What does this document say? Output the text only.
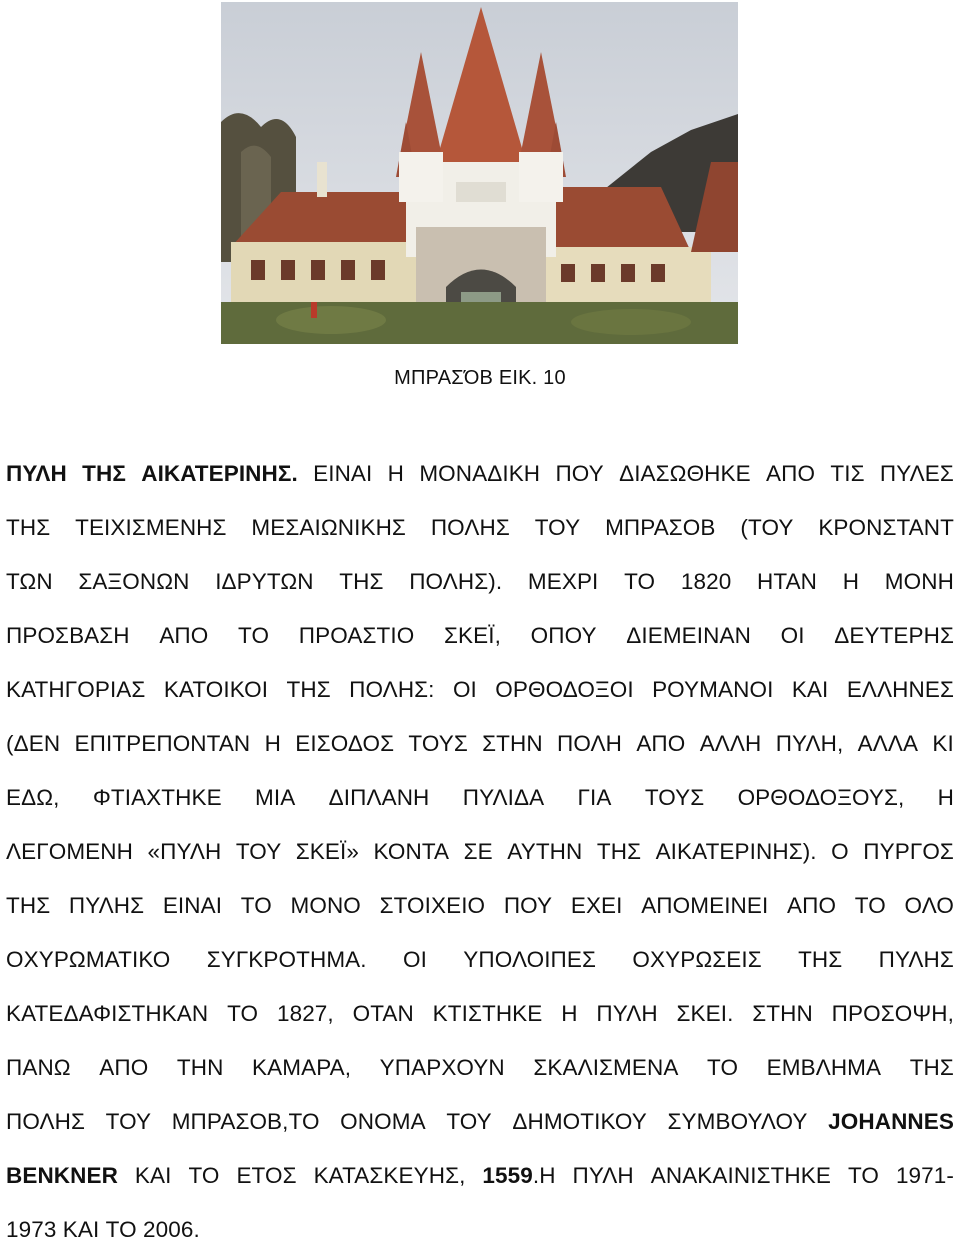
ΜΠΡΑΣΌΒ ΕΙΚ. 10
ΠΥΛΗ ΤΗΣ ΑΙΚΑΤΕΡΙΝΗΣ. ΕΙΝΑΙ Η ΜΟΝΑΔΙΚΗ ΠΟΥ ΔΙΑΣΩΘΗΚΕ ΑΠΟ ΤΙΣ ΠΥΛΕΣ
ΤΗΣ ΤΕΙΧΙΣΜΕΝΗΣ ΜΕΣΑΙΩΝΙΚΗΣ ΠΟΛΗΣ ΤΟΥ ΜΠΡΑΣΟΒ (ΤΟΥ ΚΡΟΝΣΤΑΝΤ
ΤΩΝ ΣΑΞΟΝΩΝ ΙΔΡΥΤΩΝ ΤΗΣ ΠΟΛΗΣ). ΜΕΧΡΙ ΤΟ 1820 ΗΤΑΝ Η ΜΟΝΗ
ΠΡΟΣΒΑΣΗ ΑΠΟ ΤΟ ΠΡΟΑΣΤΙΟ ΣΚΕΪ, ΟΠΟΥ ΔΙΕΜΕΙΝΑΝ ΟΙ ΔΕΥΤΕΡΗΣ
ΚΑΤΗΓΟΡΙΑΣ ΚΑΤΟΙΚΟΙ ΤΗΣ ΠΟΛΗΣ: ΟΙ ΟΡΘΟΔΟΞΟΙ ΡΟΥΜΑΝΟΙ ΚΑΙ ΕΛΛΗΝΕΣ
(ΔΕΝ ΕΠΙΤΡΕΠΟΝΤΑΝ Η ΕΙΣΟΔΟΣ ΤΟΥΣ ΣΤΗΝ ΠΟΛΗ ΑΠΟ ΑΛΛΗ ΠΥΛΗ, ΑΛΛΑ ΚΙ
ΕΔΩ, ΦΤΙΑΧΤΗΚΕ ΜΙΑ ΔΙΠΛΑΝΗ ΠΥΛΙΔΑ ΓΙΑ ΤΟΥΣ ΟΡΘΟΔΟΞΟΥΣ, Η
ΛΕΓΟΜΕΝΗ «ΠΥΛΗ ΤΟΥ ΣΚΕΪ» ΚΟΝΤΑ ΣΕ ΑΥΤΗΝ ΤΗΣ ΑΙΚΑΤΕΡΙΝΗΣ). Ο ΠΥΡΓΟΣ
ΤΗΣ ΠΥΛΗΣ ΕΙΝΑΙ ΤΟ ΜΟΝΟ ΣΤΟΙΧΕΙΟ ΠΟΥ ΕΧΕΙ ΑΠΟΜΕΙΝΕΙ ΑΠΟ ΤΟ ΟΛΟ
ΟΧΥΡΩΜΑΤΙΚΟ ΣΥΓΚΡΟΤΗΜΑ. ΟΙ ΥΠΟΛΟΙΠΕΣ ΟΧΥΡΩΣΕΙΣ ΤΗΣ ΠΥΛΗΣ
ΚΑΤΕΔΑΦΙΣΤΗΚΑΝ ΤΟ 1827, ΟΤΑΝ ΚΤΙΣΤΗΚΕ Η ΠΥΛΗ ΣΚΕΙ. ΣΤΗΝ ΠΡΟΣΟΨΗ,
ΠΑΝΩ ΑΠΟ ΤΗΝ ΚΑΜΑΡΑ, ΥΠΑΡΧΟΥΝ ΣΚΑΛΙΣΜΕΝΑ ΤΟ ΕΜΒΛΗΜΑ ΤΗΣ
ΠΟΛΗΣ ΤΟΥ ΜΠΡΑΣΟΒ,ΤΟ ΟΝΟΜΑ ΤΟΥ ΔΗΜΟΤΙΚΟΥ ΣΥΜΒΟΥΛΟΥ JOHANNES
BENKNER ΚΑΙ ΤΟ ΕΤΟΣ ΚΑΤΑΣΚΕΥΗΣ, 1559.Η ΠΥΛΗ ΑΝΑΚΑΙΝΙΣΤΗΚΕ ΤΟ 1971-
1973 ΚΑΙ ΤΟ 2006.
